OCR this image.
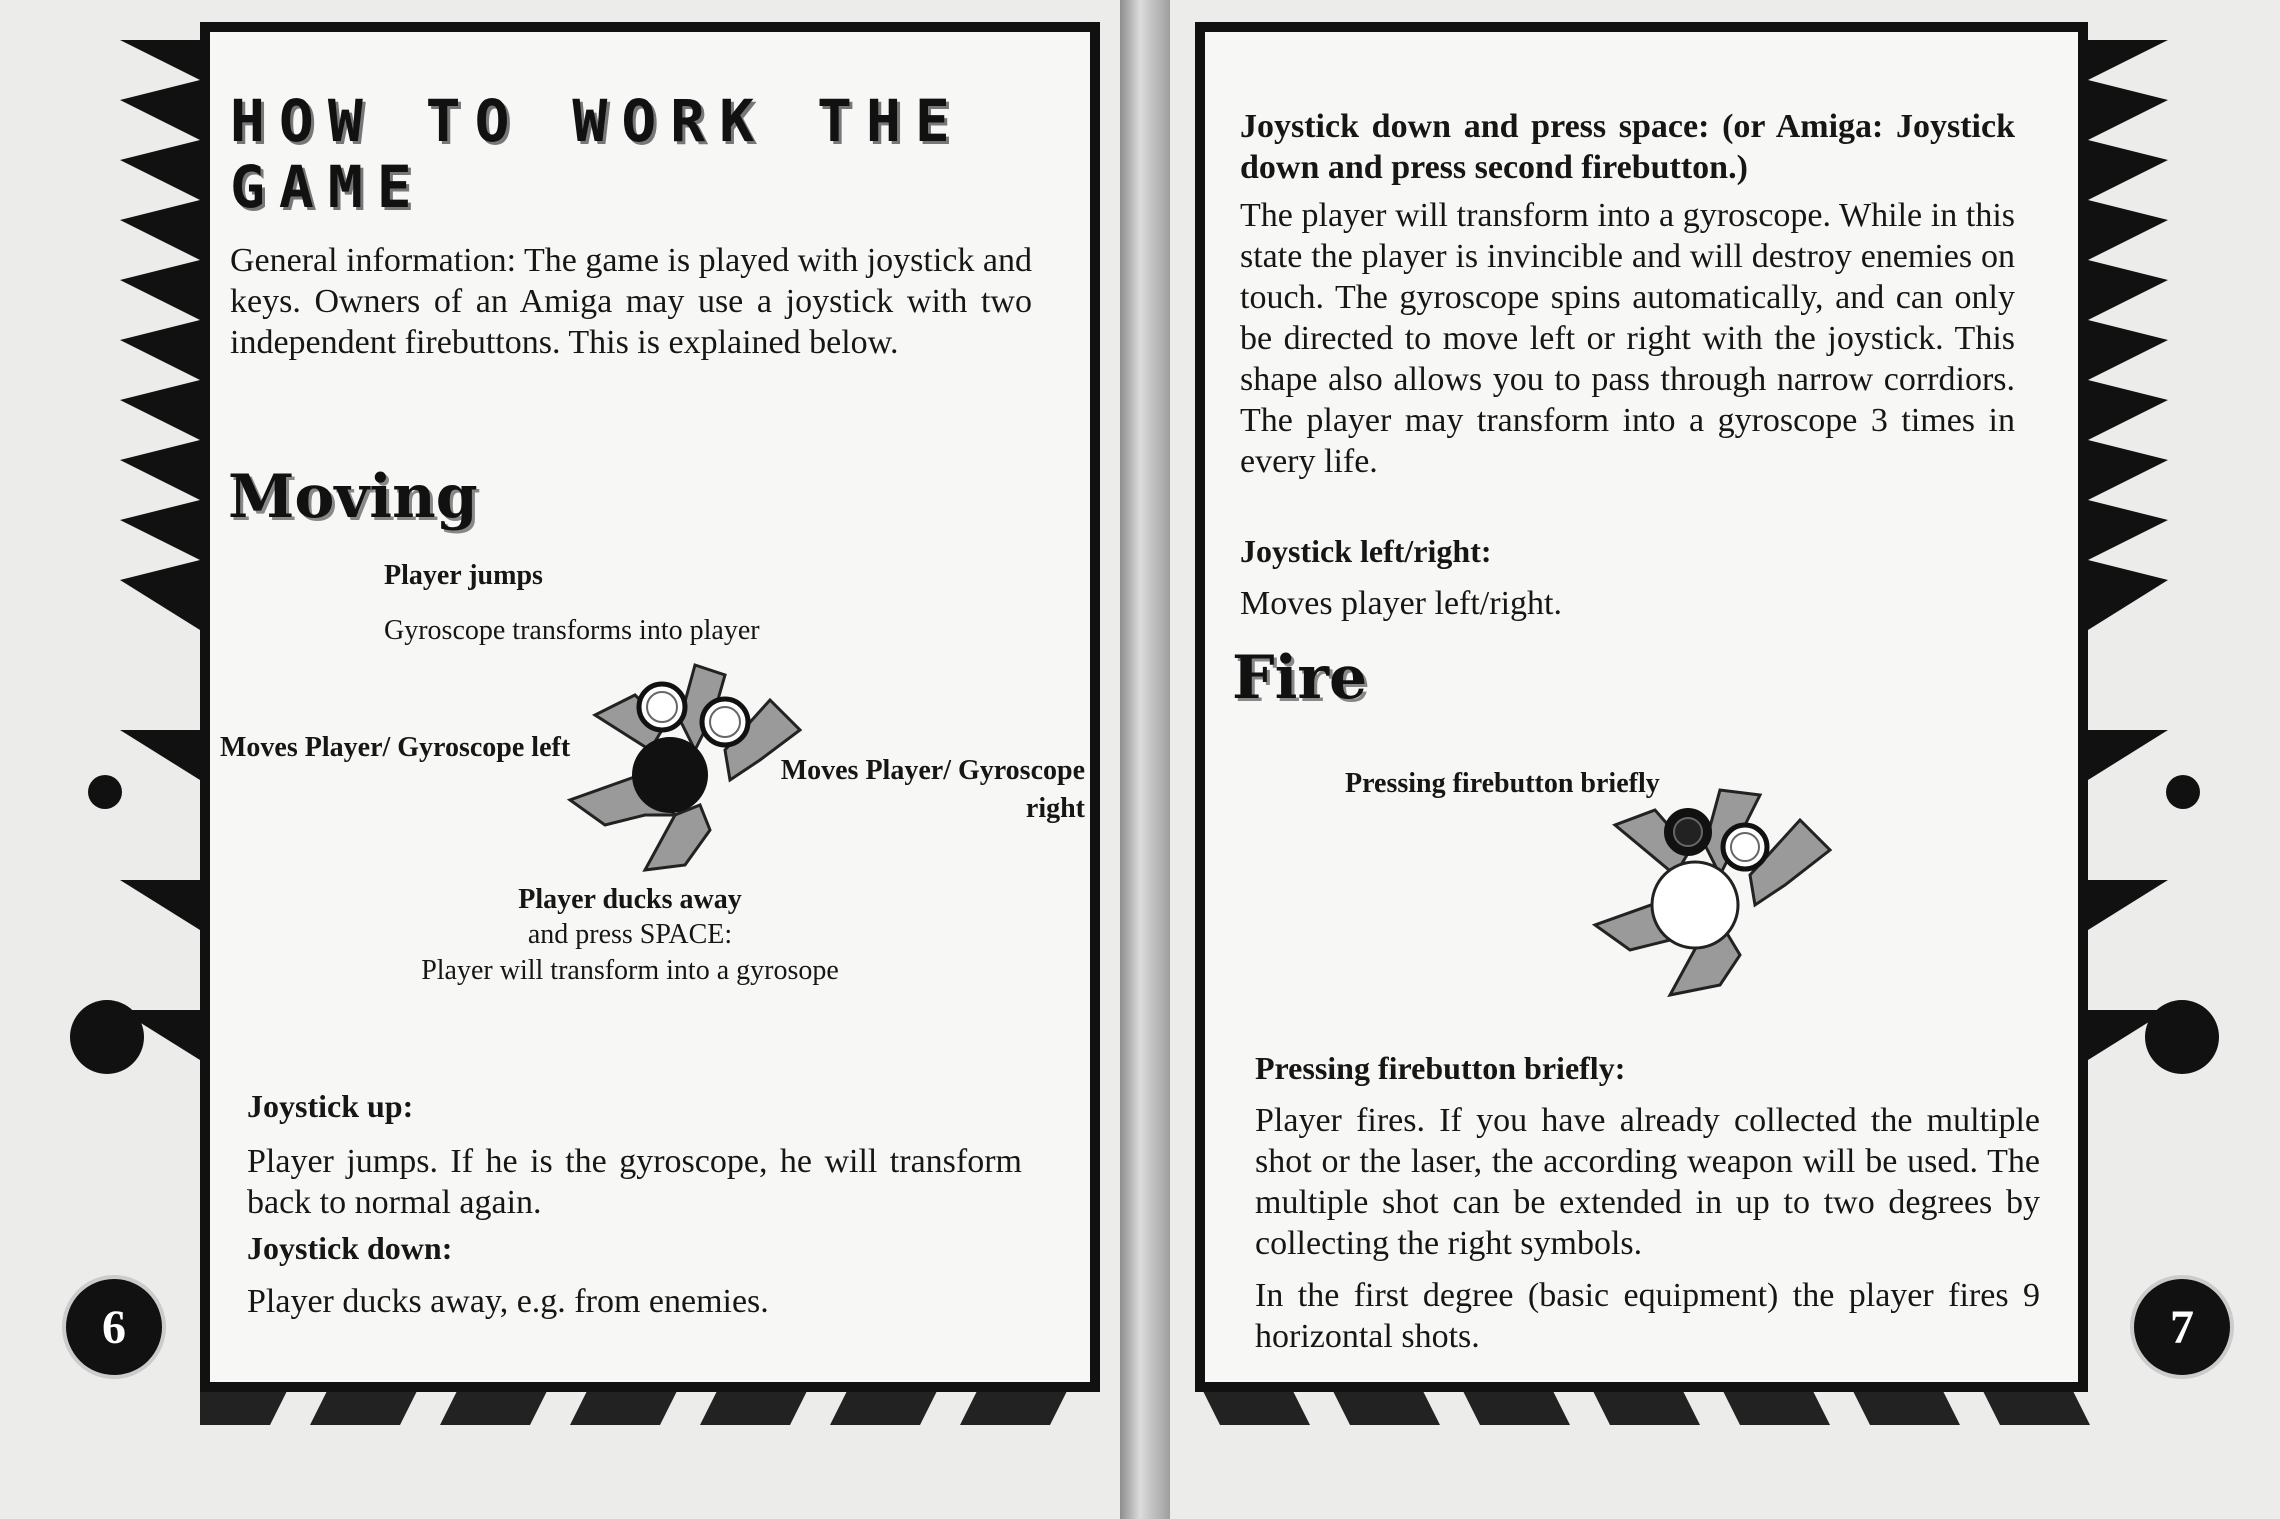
HOW TO WORK THE GAME
General information: The game is played with joystick and keys. Owners of an Amiga may use a joystick with two independent firebuttons. This is explained below.
Moving
Player jumps
Gyroscope transforms into player
Moves Player/ Gyroscope left
Moves Player/ Gyroscope right
Player ducks away
and press SPACE:
Player will transform into a gyrosope
Joystick up:
Player jumps. If he is the gyroscope, he will transform back to normal again.
Joystick down:
Player ducks away, e.g. from enemies.
6
Joystick down and press space: (or Amiga: Joystick down and press second firebutton.)
The player will transform into a gyroscope. While in this state the player is invincible and will destroy enemies on touch. The gyroscope spins automatically, and can only be directed to move left or right with the joystick. This shape also allows you to pass through narrow corrdiors. The player may transform into a gyroscope 3 times in every life.
Joystick left/right:
Moves player left/right.
Fire
Pressing firebutton briefly
Pressing firebutton briefly:
Player fires. If you have already collected the multiple shot or the laser, the according weapon will be used. The multiple shot can be extended in up to two degrees by collecting the right symbols.
In the first degree (basic equipment) the player fires 9 horizontal shots.	7
